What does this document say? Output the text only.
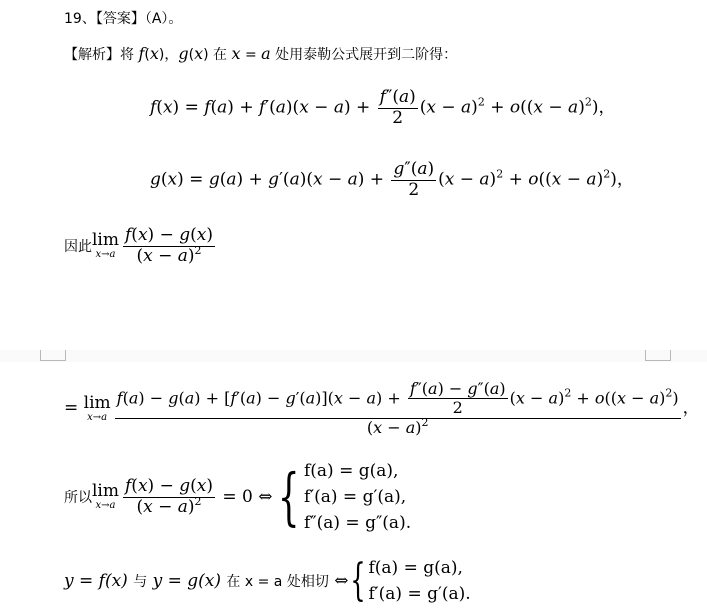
19、【答案】（A）。
【解析】将 f(x)，g(x) 在 x = a 处用泰勒公式展开到二阶得：
$f(x) = f(a) + f'(a)(x - a) + \frac{f''(a)}{2} (x - a)^2 + o((x - a)^2)$，
$g(x) = g(a) + g'(a)(x - a) + \frac{g''(a)}{2} (x - a)^2 + o((x - a)^2)$，
因此 lim
$x\to a \frac{f(x) - g(x)}{(x - a)^2}$
= lim
x→a
$f(a) - g(a) + [f'(a) - g'(a)](x - a) + \frac{f''(a) - g''(a)}{2} (x - a)^2 + o((x - a)^2)$
$(x - a)^2$
，
所以 lim
$x\to a \frac{f(x) - g(x)}{(x - a)^2} = 0$ ⇔{ f(a) = g(a),
f′(a) = g′(a),
f″(a) = g″(a).
y = f(x) 与 y = g(x) 在 x = a 处相切 ⇔{ f(a) = g(a),
f′(a) = g′(a).
